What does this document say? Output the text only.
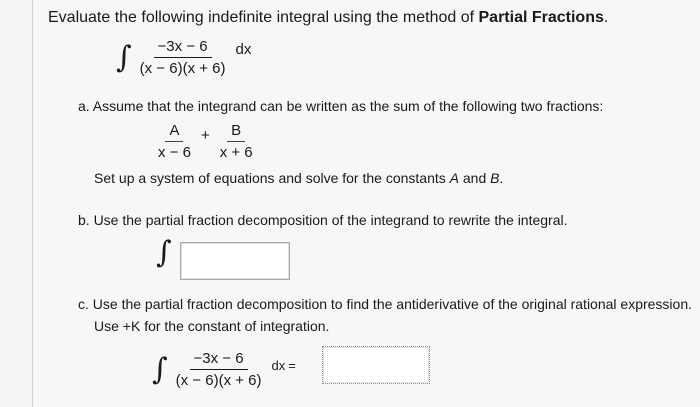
Evaluate the following indefinite integral using the method of Partial Fractions.
∫ $\frac{-3x - 6}{(x - 6)(x + 6)}$ dx
a. Assume that the integrand can be written as the sum of the following two fractions:
$\frac{A}{x - 6} + \frac{B}{x + 6}$
Set up a system of equations and solve for the constants A and B.
b. Use the partial fraction decomposition of the integrand to rewrite the integral.
∫
c. Use the partial fraction decomposition to find the antiderivative of the original rational expression.
Use +K for the constant of integration.
∫ $\frac{-3x - 6}{(x - 6)(x + 6)}$ dx =
